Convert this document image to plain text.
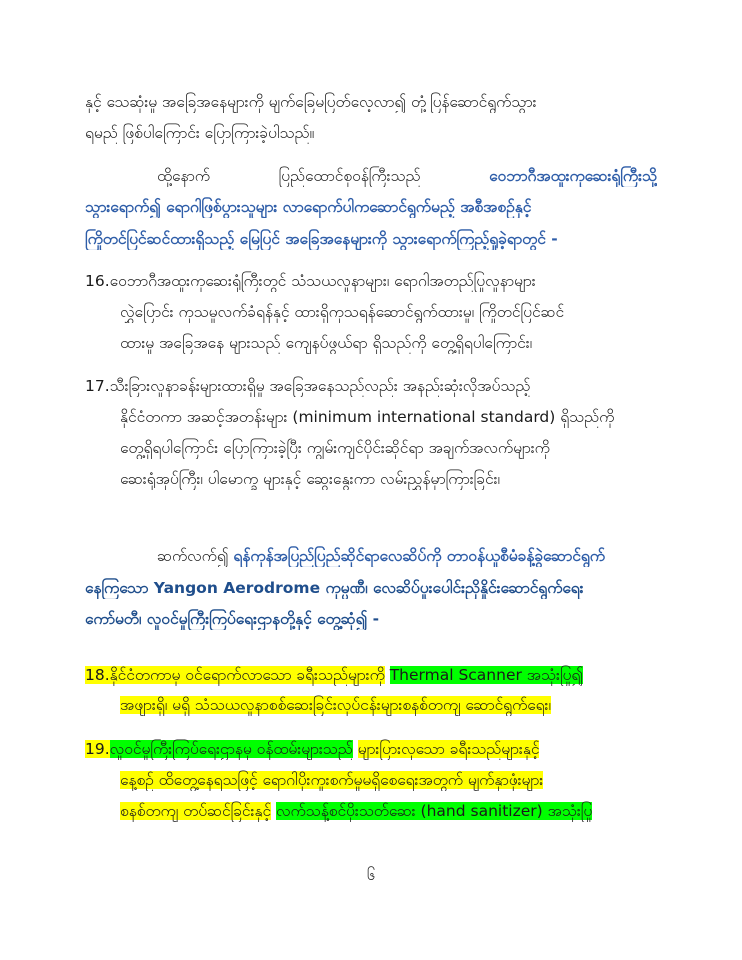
နှင့် သေဆုံးမှု အခြေအနေများကို မျက်ခြေမပြတ်လေ့လာ၍ တုံ့ပြန်ဆောင်ရွက်သွား
ရမည် ဖြစ်ပါကြောင်း ပြောကြားခဲ့ပါသည်။
ထို့နောက်	ပြည်ထောင်စုဝန်ကြီးသည်	ဝေဘာဂီအထူးကုဆေးရုံကြီးသို့
သွားရောက်၍ ရောဂါဖြစ်ပွားသူများ လာရောက်ပါကဆောင်ရွက်မည့် အစီအစဉ်နှင့်
ကြိုတင်ပြင်ဆင်ထားရှိသည့် မြေပြင် အခြေအနေများကို သွားရောက်ကြည့်ရှုခဲ့ရာတွင် -
16.ဝေဘာဂီအထူးကုဆေးရုံကြီးတွင် သံသယလူနာများ၊ ရောဂါအတည်ပြုလူနာများ
လွှဲပြောင်း ကုသမှုလက်ခံရန်နှင့် ထားရှိကုသရန်ဆောင်ရွက်ထားမှု၊ ကြိုတင်ပြင်ဆင်
ထားမှု အခြေအနေ များသည် ကျေနပ်ဖွယ်ရာ ရှိသည်ကို တွေ့ရှိရပါကြောင်း၊
17.သီးခြားလူနာခန်းများထားရှိမှု အခြေအနေသည်လည်း အနည်းဆုံးလိုအပ်သည့်
နိုင်ငံတကာ အဆင့်အတန်းများ (minimum international standard) ရှိသည်ကို
တွေ့ရှိရပါကြောင်း ပြောကြားခဲ့ပြီး ကျွမ်းကျင်ပိုင်းဆိုင်ရာ အချက်အလက်များကို
ဆေးရုံအုပ်ကြီး၊ ပါမောက္ခ များနှင့် ဆွေးနွေးကာ လမ်းညွှန်မှာကြားခြင်း၊
ဆက်လက်၍ ရန်ကုန်အပြည်ပြည်ဆိုင်ရာလေဆိပ်ကို တာဝန်ယူစီမံခန့်ခွဲဆောင်ရွက်
နေကြသော Yangon Aerodrome ကုမ္ပဏီ၊ လေဆိပ်ပူးပေါင်းညှိနှိုင်းဆောင်ရွက်ရေး
ကော်မတီ၊ လူဝင်မှုကြီးကြပ်ရေးဌာနတို့နှင့် တွေ့ဆုံ၍ -
18.နိုင်ငံတကာမှ ဝင်ရောက်လာသော ခရီးသည်များကို Thermal Scanner အသုံးပြု၍
အဖျားရှိ၊ မရှိ သံသယလူနာစစ်ဆေးခြင်းလုပ်ငန်းများစနစ်တကျ ဆောင်ရွက်ရေး၊
19.လူဝင်မှုကြီးကြပ်ရေးဌာနမှ ဝန်ထမ်းများသည် များပြားလှသော ခရီးသည်များနှင့်
နေ့စဉ် ထိတွေ့နေရသဖြင့် ရောဂါပိုးကူးစက်မှုမရှိစေရေးအတွက် မျက်နှာဖုံးများ
စနစ်တကျ တပ်ဆင်ခြင်းနှင့် လက်သန့်စင်ပိုးသတ်ဆေး (hand sanitizer) အသုံးပြု
၆
